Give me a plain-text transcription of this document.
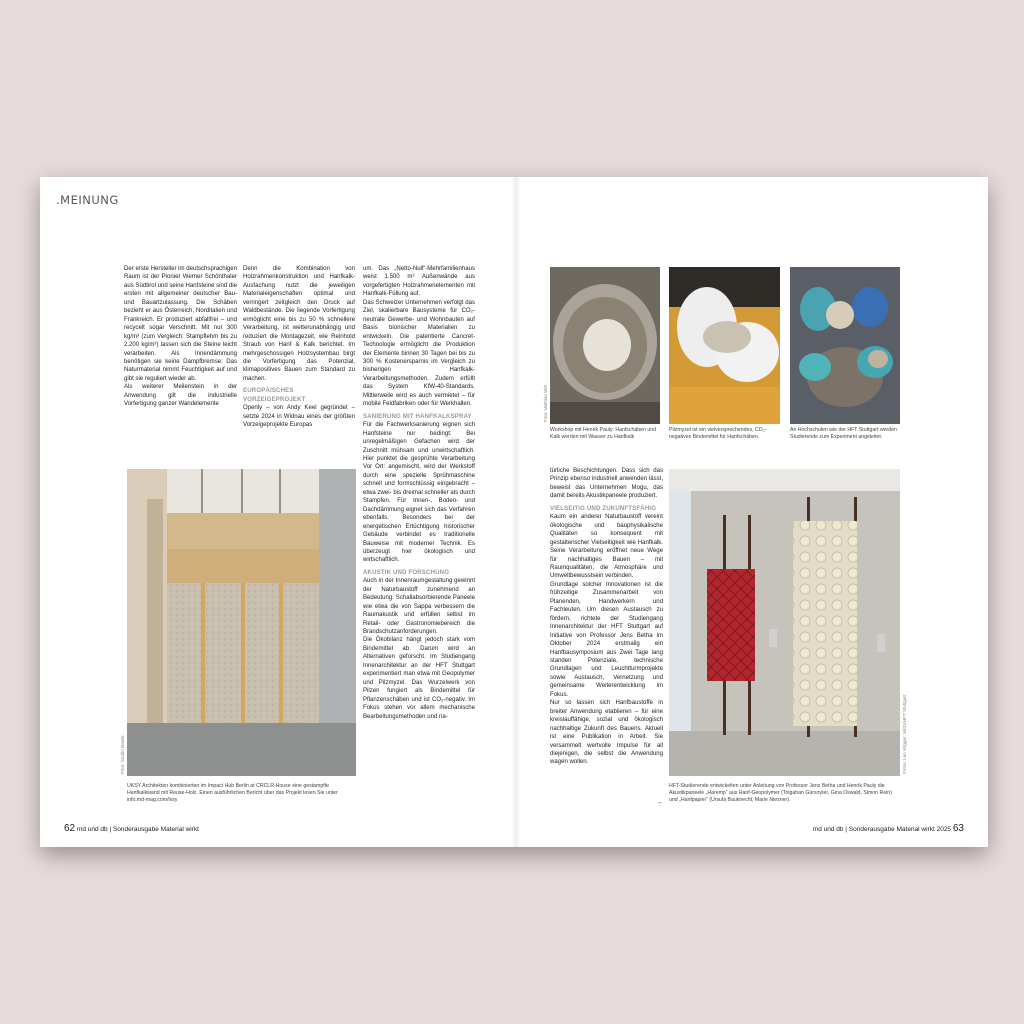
.MEINUNG

Der erste Hersteller im deutschsprachigen Raum ist der Pionier Werner Schönthaler aus Südtirol und seine Hanfsteine sind die ersten mit allgemeiner deutscher Bau- und Bauartzulassung. Die Schäben bezieht er aus Österreich, Norditalien und Frankreich. Er produziert abfallfrei – und recycelt sogar Verschnitt. Mit nur 300 kg/m³ (zum Vergleich: Stampflehm bis zu 2.200 kg/m³) lassen sich die Steine leicht verarbeiten. Als Innendämmung benötigen sie keine Dampfbremse: Das Naturmaterial nimmt Feuchtigkeit auf und gibt sie reguliert wieder ab.

Als weiterer Meilenstein in der Anwendung gilt die industrielle Vorfertigung ganzer Wandelemente

Denn die Kombination von Holzrahmenkonstruktion und Hanfkalk-Ausfachung nutzt die jeweiligen Materialeigenschaften optimal und verringert zeitgleich den Druck auf Waldbestände. Die liegende Vorfertigung ermöglicht eine bis zu 50 % schnellere Verarbeitung, ist wetterunabhängig und reduziert die Montagezeit, wie Reinhold Straub von Hanf & Kalk berichtet. Im mehrgeschossigen Holzsystembau birgt die Vorfertigung das Potenzial, klimapositives Bauen zum Standard zu machen.

EUROPÄISCHES VORZEIGEPROJEKT

Openly – von Andy Keel gegründet – setzte 2024 in Widnau eines der größten Vorzeigeprojekte Europas

um. Das „Netto-Null“-Mehrfamilienhaus weist 1.500 m² Außenwände aus vorgefertigten Holzrahmenelementen mit Hanfkalk-Füllung auf.

Das Schweizer Unternehmen verfolgt das Ziel, skalierbare Bausysteme für CO₂-neutrale Gewerbe- und Wohnbauten auf Basis bionischer Materialien zu entwickeln. Die patentierte Cancret-Technologie ermöglicht die Produktion der Elemente binnen 30 Tagen bei bis zu 300 % Kostenersparnis im Vergleich zu bisherigen Hanfkalk-Verarbeitungsmethoden. Zudem erfüllt das System KfW-40-Standards. Mittlerweile wird es auch vermietet – für mobile Feldfabriken oder für Werkhallen.

SANIERUNG MIT HANFKALKSPRAY

Für die Fachwerksanierung eignen sich Hanfsteine nur bedingt: Bei unregelmäßigen Gefachen wird der Zuschnitt mühsam und unwirtschaftlich. Hier punktet die gesprühte Verarbeitung Vor Ort: angemischt, wird der Werkstoff durch eine spezielle Sprühmaschine schnell und formschlüssig eingebracht – etwa zwei- bis dreimal schneller als durch Stampfen. Für Innen-, Boden- und Dachdämmung eignet sich das Verfahren ebenfalls. Besonders bei der energetischen Ertüchtigung historischer Gebäude verbindet es traditionelle Bauweise mit moderner Technik. Es überzeugt hier ökologisch und wirtschaftlich.

AKUSTIK UND FORSCHUNG

Auch in der Innenraumgestaltung gewinnt der Naturbaustoff zunehmend an Bedeutung: Schallabsorbierende Paneele wie etwa die von Sappa verbessern die Raumakustik und erfüllen selbst im Retail- oder Gastronomiebereich die Brandschutzanforderungen.

Die Ökobilanz hängt jedoch stark vom Bindemittel ab. Darum wird an Alternativen geforscht. Im Studiengang Innenarchitektur an der HFT Stuttgart experimentiert man etwa mit Geopolymer und Pilzmyzel. Das Wurzelwerk von Pilzen fungiert als Bindemittel für Pflanzenschäben und ist CO₂-negativ. Im Fokus stehen vor allem mechanische Bearbeitungsmethoden und na-

Foto: Studio Bowie
UKSY Architekten kombinierten im Impact Hub Berlin at CRCLR-House eine gestampfte Hanfkalkwand mit Reuse-Holz. Einen ausführlichen Bericht über das Projekt lesen Sie unter info.md-mag.com/lxsy
Foto: Mathias Wirt
Workshop mit Henrik Pauly: Hanfschäben und Kalk werden mit Wasser zu Hanfkalk
Pilzmyzel ist ein vielversprechendes, CO₂-negatives Bindemittel für Hanfschäben.
An Hochschulen wie der HFT Stuttgart werden Studierende zum Experiment angeleitet.

türliche Beschichtungen. Dass sich das Prinzip ebenso industriell anwenden lässt, beweist das Unternehmen Mogu, das damit bereits Akustikpaneele produziert.

VIELSEITIG UND ZUKUNFTSFÄHIG

Kaum ein anderer Naturbaustoff vereint ökologische und bauphysikalische Qualitäten so konsequent mit gestalterischer Vielseitigkeit wie Hanfkalk. Seine Verarbeitung eröffnet neue Wege für nachhaltiges Bauen – mit Raumqualitäten, die Atmosphäre und Umweltbewusstsein verbinden.

Grundlage solcher Innovationen ist die frühzeitige Zusammenarbeit von Planenden, Handwerkern und Fachleuten. Um diesen Austausch zu fördern, richtete der Studiengang Innenarchitektur der HFT Stuttgart auf Initiative von Professor Jens Betha im Oktober 2024 erstmalig ein Hanfbausymposium aus Zwei Tage lang standen Potenziale, technische Grundlagen und Leuchtturmprojekte sowie Austausch, Vernetzung und gemeinsame Weiterentwicklung im Fokus.

Nur so lassen sich Hanfbaustoffe in breiter Anwendung etablieren – für eine kreislauffähige, sozial und ökologisch nachhaltige Zukunft des Bauens. Aktuell ist eine Publikation in Arbeit. Sie versammelt wertvolle Impulse für all diejenigen, die selbst die Anwendung wagen wollen.

←
Fotos: Leo Wigger; Wirtz/HFT Stuttgart
HFT-Studierende entwickelten unter Anleitung von Professor Jens Betha und Henrik Pauly die Akustikpaneele „Haremp“ aus Hanf-Geopolymer (Tolgahan Gürsoyter, Gina Oswald, Simon Rein) und „Hanfpapier“ (Ursula Bauknecht, Marie Niesner).
62 md und db | Sonderausgabe Material wirkt	md und db | Sonderausgabe Material wirkt 2025 63
